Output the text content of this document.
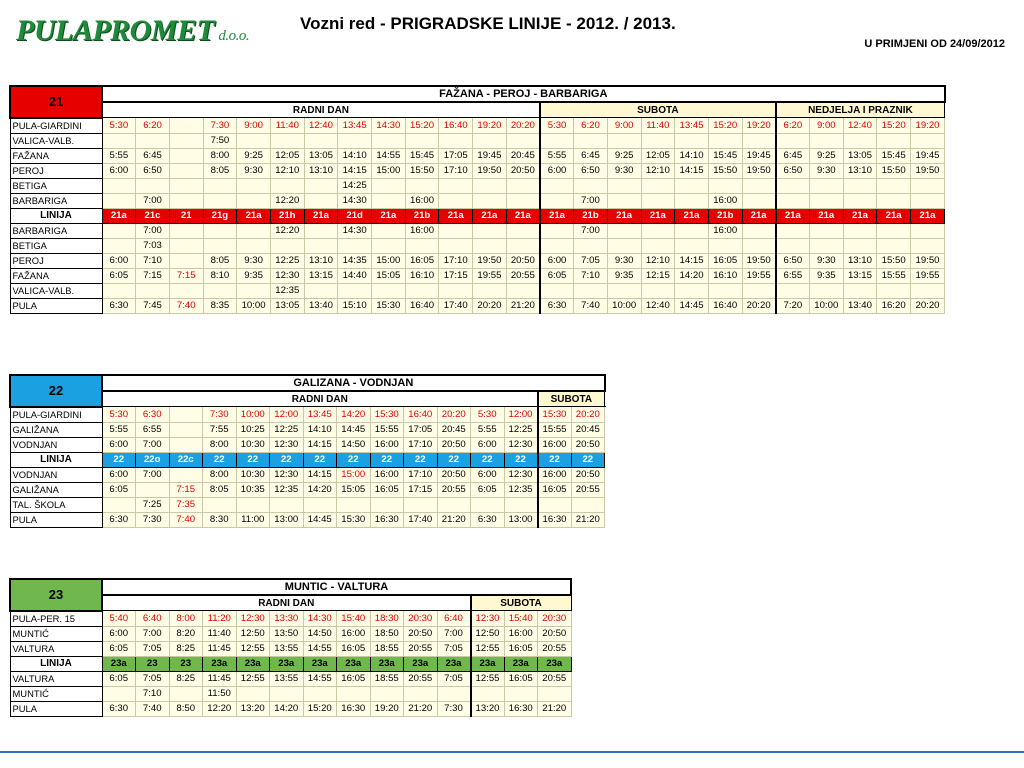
PULAPROMET d.o.o.
Vozni red - PRIGRADSKE LINIJE - 2012. / 2013.
U PRIMJENI OD 24/09/2012
21	FAŽANA - PEROJ - BARBARIGA																								
	RADNI DAN													SUBOTA							NEDJELJA I PRAZNIK				
PULA-GIARDINI	5:30	6:20		7:30	9:00	11:40	12:40	13:45	14:30	15:20	16:40	19:20	20:20	5:30	6:20	9:00	11:40	13:45	15:20	19:20	6:20	9:00	12:40	15:20	19:20
VALICA-VALB.				7:50																					
FAŽANA	5:55	6:45		8:00	9:25	12:05	13:05	14:10	14:55	15:45	17:05	19:45	20:45	5:55	6:45	9:25	12:05	14:10	15:45	19:45	6:45	9:25	13:05	15:45	19:45
PEROJ	6:00	6:50		8:05	9:30	12:10	13:10	14:15	15:00	15:50	17:10	19:50	20:50	6:00	6:50	9:30	12:10	14:15	15:50	19:50	6:50	9:30	13:10	15:50	19:50
BETIGA								14:25																	
BARBARIGA		7:00				12:20		14:30		16:00					7:00				16:00						
LINIJA	21a	21c	21	21g	21a	21h	21a	21d	21a	21b	21a	21a	21a	21a	21b	21a	21a	21a	21b	21a	21a	21a	21a	21a	21a
BARBARIGA		7:00				12:20		14:30		16:00					7:00				16:00						
BETIGA		7:03																							
PEROJ	6:00	7:10		8:05	9:30	12:25	13:10	14:35	15:00	16:05	17:10	19:50	20:50	6:00	7:05	9:30	12:10	14:15	16:05	19:50	6:50	9:30	13:10	15:50	19:50
FAŽANA	6:05	7:15	7:15	8:10	9:35	12:30	13:15	14:40	15:05	16:10	17:15	19:55	20:55	6:05	7:10	9:35	12:15	14:20	16:10	19:55	6:55	9:35	13:15	15:55	19:55
VALICA-VALB.						12:35																			
PULA	6:30	7:45	7:40	8:35	10:00	13:05	13:40	15:10	15:30	16:40	17:40	20:20	21:20	6:30	7:40	10:00	12:40	14:45	16:40	20:20	7:20	10:00	13:40	16:20	20:20
22	GALIZANA - VODNJAN														
	RADNI DAN													SUBOTA	
PULA-GIARDINI	5:30	6:30		7:30	10:00	12:00	13:45	14:20	15:30	16:40	20:20	5:30	12:00	15:30	20:20
GALIŽANA	5:55	6:55		7:55	10:25	12:25	14:10	14:45	15:55	17:05	20:45	5:55	12:25	15:55	20:45
VODNJAN	6:00	7:00		8:00	10:30	12:30	14:15	14:50	16:00	17:10	20:50	6:00	12:30	16:00	20:50
LINIJA	22	22o	22c	22	22	22	22	22	22	22	22	22	22	22	22
VODNJAN	6:00	7:00		8:00	10:30	12:30	14:15	15:00	16:00	17:10	20:50	6:00	12:30	16:00	20:50
GALIŽANA	6:05		7:15	8:05	10:35	12:35	14:20	15:05	16:05	17:15	20:55	6:05	12:35	16:05	20:55
TAL. ŠKOLA		7:25	7:35												
PULA	6:30	7:30	7:40	8:30	11:00	13:00	14:45	15:30	16:30	17:40	21:20	6:30	13:00	16:30	21:20
23	MUNTIC - VALTURA													
	RADNI DAN											SUBOTA		
PULA-PER. 15	5:40	6:40	8:00	11:20	12:30	13:30	14:30	15:40	18:30	20:30	6:40	12:30	15:40	20:30
MUNTIĆ	6:00	7:00	8:20	11:40	12:50	13:50	14:50	16:00	18:50	20:50	7:00	12:50	16:00	20:50
VALTURA	6:05	7:05	8:25	11:45	12:55	13:55	14:55	16:05	18:55	20:55	7:05	12:55	16:05	20:55
LINIJA	23a	23	23	23a	23a	23a	23a	23a	23a	23a	23a	23a	23a	23a
VALTURA	6:05	7:05	8:25	11:45	12:55	13:55	14:55	16:05	18:55	20:55	7:05	12:55	16:05	20:55
MUNTIĆ		7:10		11:50										
PULA	6:30	7:40	8:50	12:20	13:20	14:20	15:20	16:30	19:20	21:20	7:30	13:20	16:30	21:20
